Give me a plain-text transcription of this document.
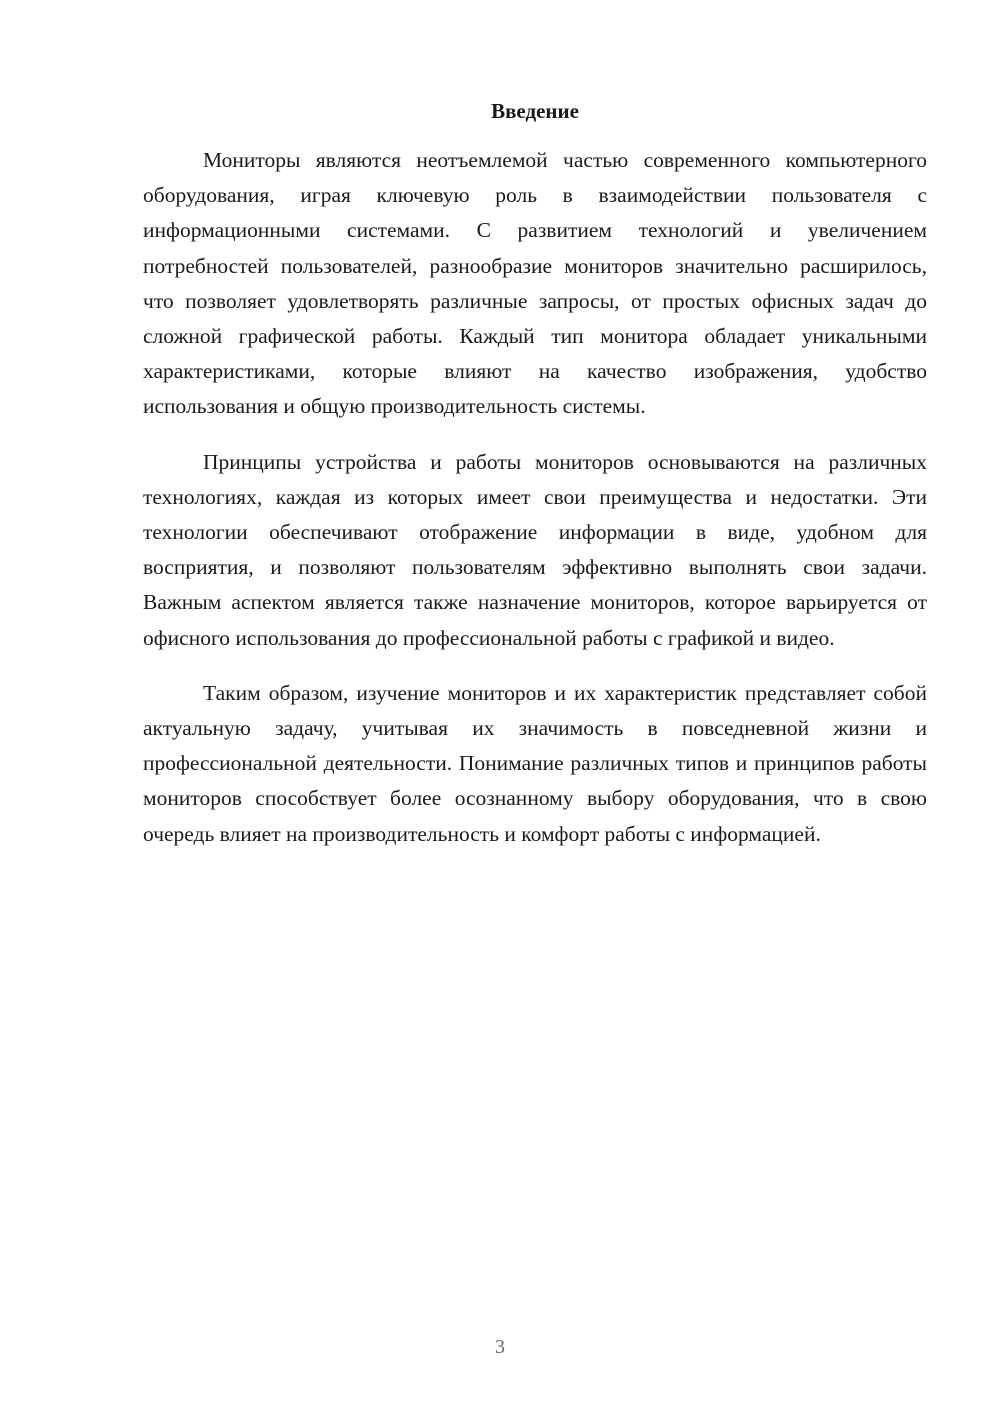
Введение

Мониторы являются неотъемлемой частью современного компьютерного оборудования, играя ключевую роль в взаимодействии пользователя с информационными системами. С развитием технологий и увеличением потребностей пользователей, разнообразие мониторов значительно расширилось, что позволяет удовлетворять различные запросы, от простых офисных задач до сложной графической работы. Каждый тип монитора обладает уникальными характеристиками, которые влияют на качество изображения, удобство использования и общую производительность системы.

Принципы устройства и работы мониторов основываются на различных технологиях, каждая из которых имеет свои преимущества и недостатки. Эти технологии обеспечивают отображение информации в виде, удобном для восприятия, и позволяют пользователям эффективно выполнять свои задачи. Важным аспектом является также назначение мониторов, которое варьируется от офисного использования до профессиональной работы с графикой и видео.

Таким образом, изучение мониторов и их характеристик представляет собой актуальную задачу, учитывая их значимость в повседневной жизни и профессиональной деятельности. Понимание различных типов и принципов работы мониторов способствует более осознанному выбору оборудования, что в свою очередь влияет на производительность и комфорт работы с информацией.

3
